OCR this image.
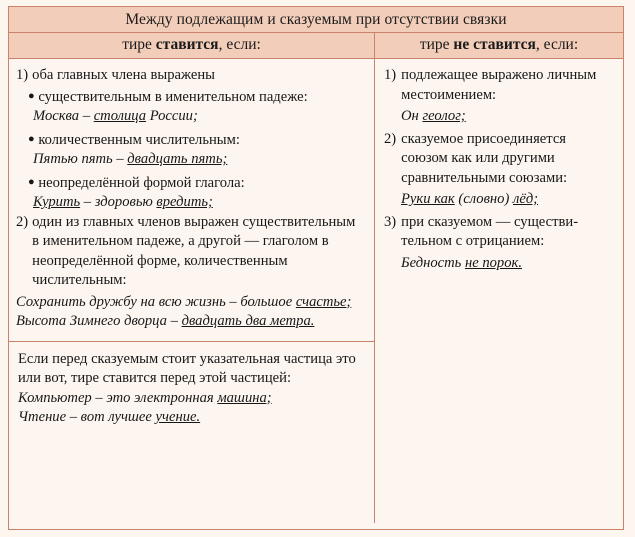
Между подлежащим и сказуемым при отсутствии связки
тире ставится, если:	тире не ставится, если:
1) оба главных члена выражены
● существительным в именительном падеже:
Москва – столица России;
● количественным числительным:
Пятью пять – двадцать пять;
● неопределённой формой глагола:
Курить – здоровью вредить;
2) один из главных членов выражен существительным в именительном падеже, а другой — глаголом в неопределённой форме, количественным числительным:
Сохранить дружбу на всю жизнь – большое счастье; Высота Зимнего дворца – двадцать два метра.
Если перед сказуемым стоит указательная частица это или вот, тире ставится перед этой частицей:
Компьютер – это электронная машина;
Чтение – вот лучшее учение.
1) подлежащее выражено личным местоимением:
Он геолог;
2) сказуемое присоединяется союзом как или другими сравнительными союзами:
Руки как (словно) лёд;
3) при сказуемом — существительном с отрицанием:
Бедность не порок.
